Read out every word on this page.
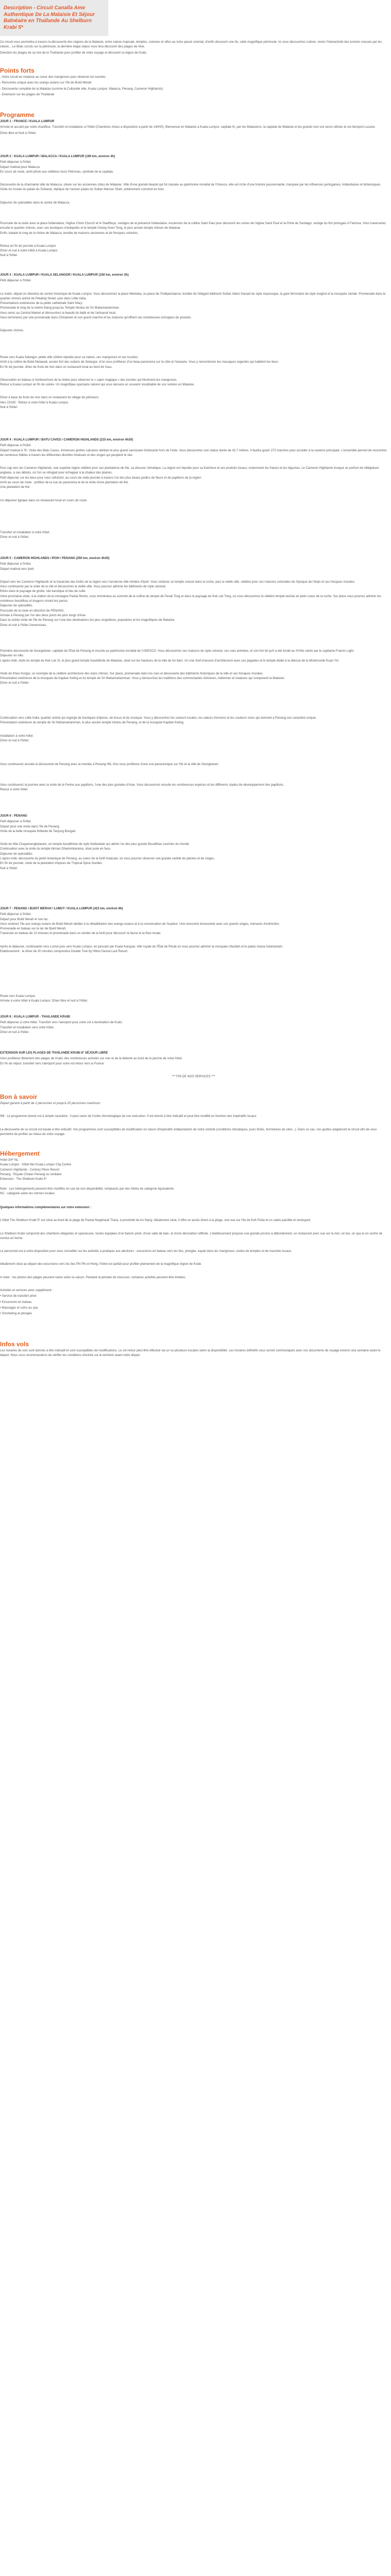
Description - Circuit Canalla Ame Authentique De La Malaisie Et Séjour Balnéaire en Thaïlande Au Shelburn Krabi 5*

Ce circuit vous permettra à travers la découverte des régions de la Malaisie, entre nature tropicale, temples, colonies et villes au riche passé colonial, d'enfin découvrir une île, cette magnifique péninsule. Ici vous découvrirez culture, vivrez l'interactivité des tunnels creusés par les nature... Le Bilan conclu sur la péninsule, la dernière étape séjour vous fera découvrir des plages de rêve.

Direction les plages de sa rive de la Thaïlande pour profiter de votre voyage et découvrir la région de Krabi.

Points forts

- Votre circuit en malaisie au coeur des mangroves pour observer les lucioles.

- Rencontre unique avec les orangs-outans sur l'île de Bukit Merah.

- Découverte complète de la Malaisie (comme la Culturelle ville, Kuala Lumpur, Malacca, Penang, Cameron Highlands)

- Extension sur les plages de Thaïlande

Programme

JOUR 1 : FRANCE / KUALA LUMPUR

Arrivée et accueil par votre chauffeur. Transfert et installation à l'hôtel (Chambres mises à disposition à partir de 14H00). Bienvenue en Malaisie à Kuala Lumpur, capitale Kl, par les Malaisiens, la capitale de Malaisie et les grands mon est seron utilisés le vol Aéroport Lucane.

Dîner libre et Nuit à l'hôtel.

JOUR 2 : KUALA LUMPUR / MALACCA / KUALA LUMPUR (190 km, environ 4h)

Petit déjeuner à l'hôtel.
Départ matinal pour Malacca.
En cours de route, arrêt photo aux célèbres tours Petronas, symbole de la capitale.

Découverte de la charmante ville de Malacca, située sur les anciennes côtes de Malaisie. Ville d'une grande beauté qui fut classée au patrimoine mondial de l'Unesco, elle est riche d'une histoire passionnante, marquée par les influences portugaises, hollandaises et britanniques.
Visite du musée du palais du Sultanat, réplique de l'ancien palais du Sultan Mansur Shah, entièrement construit en bois.

Déjeuner de spécialités dans le centre de Malacca.

Poursuite de la visite avec la place hollandaise, l'église Christ Church et le Stadthuys, vestiges de la présence hollandaise. Ascension de la colline Saint Paul pour découvrir les ruines de l'église Saint Paul et la Porte de Santiago, vestige du fort portugais A Famosa. Vous traverserez ensuite le quartier chinois, avec ses boutiques d'antiquités et le temple Cheng Hoon Teng, le plus ancien temple chinois de Malaisie.
Enfin, balade le long de la rivière de Malacca, bordée de maisons anciennes et de fresques colorées.

Retour en fin de journée à Kuala Lumpur.
Dîner et nuit à votre hôtel à Kuala Lumpur.
Nuit à l'hôtel.

JOUR 3 : KUALA LUMPUR / KUALA SELANGOR / KUALA LUMPUR (150 km, environ 3h)

Petit déjeuner à l'hôtel.

Le matin, départ en direction du centre historique de Kuala Lumpur. Vous découvrirez la place Merdeka, ou place de l'Indépendance, bordée de l'élégant bâtiment Sultan Abdul Samad de style mauresque, la gare ferroviaire de style moghol et la mosquée Jamek. Promenade dans le quartier chinois animé de Petaling Street, puis dans Little India.
Présentations extérieures de la petite cathédrale Saint Mary.
Promenade le long de la rivière Klang jusqu'au Temple hindou de Sri Mahamariamman.
Vous serez au Central Market et découvrirez la beauté du batik et de l'artisanat local.
Vous terminerez par une promenade dans Chinatown et son grand marché et les maisons qu'offrent ses nombreuses échoppes de produits.

Déjeuner chinois.

Route vers Kuala Selangor, petite ville côtière réputée pour sa nature, ses mangroves et ses lucioles.
Arrêt à la colline de Bukit Melawati, ancien fort des sultans de Selangor, d'où vous profiterez d'un beau panorama sur la côte et l'estuaire. Vous y rencontrerez les macaques argentés qui habitent les lieux.
En fin de journée, dîner de fruits de mer dans un restaurant local au bord de l'eau.

Observation en bateau à l'embouchure de la rivière pour observer le « sapin magique » des lucioles qui illuminent les mangroves.
Retour à Kuala Lumpur en fin de soirée. Un magnifique spectacle naturel qui vous laissera un souvenir inoubliable de vos soirées en Malaisie.

Dîner à base de fruits de mer dans un restaurant du village de pêcheurs.
Vers 21h30 : Retour à votre hôtel à Kuala Lumpur.
Nuit à l'hôtel.

JOUR 4 : KUALA LUMPUR / BATU CAVES / CAMERON HIGHLANDS (215 km, environ 4h30)

Petit déjeuner à l'hôtel.
Départ matinal à 7h. Visite des Batu Caves, immenses grottes calcaires abritant le plus grand sanctuaire hindouiste hors de l'Inde. Vous découvrirez une statue dorée de 42,7 mètres. Il faudra gravir 272 marches pour accéder à la caverne principale. L'ensemble permet de rencontrer de nombreux fidèles à travers les différentes divinités hindoues et des singes qui peuplent le site.

Puis cap vers les Cameron Highlands, une superbe région célèbre pour ses plantations de thé, sa douceur climatique. La région est réputée pour sa fraîcheur et ses produits locaux, notamment les fraises et les légumes. Le Cameron Highlands évoque un parfum de villégiature anglaise, à ses débuts, où l'on se réfugiait pour échapper à la chaleur des plaines.
Petit déjeuner sur les lieux pour vous rafraîchir, au cours de cette journée à travers l'un des plus beaux jardins de fleurs et de papillons de la région.
Arrêt au cours de route : profitez de la vue du panorama et de la visite d'une plantation de thé.
Une plantation de thé.

Un déjeuner typique dans un restaurant local en cours de route.

Transfert et installation à votre hôtel.
Dîner et nuit à l'hôtel.

JOUR 5 : CAMERON HIGHLANDS / IPOH / PENANG (250 km, environ 4h30)

Petit déjeuner à l'hôtel.
Départ matinal vers Ipoh.

Départ vers les Cameron Highlands et la traversée des forêts de la région vers l'ancienne ville minière d'Ipoh. Vous visiterez un temple creusé dans la roche, puis la vieille ville, célèbre pour ses maisons coloniales de l'époque de l'étain et ses fresques murales.
Vous continuerez par la visite de la cité et découvrirez la vieille ville. Vous pourrez admirer les bâtiments de style colonial.
Etirés dans le paysage de grotte, site karstique et lieu de culte.
Votre prochaine visite, à la station de la montagne Pantai Remis, vous emmènera au sommet de la colline du temple de Perak Tong et dans le paysage de Kek Lok Tong, où vous découvrirez le célèbre temple taoïste en plein coeur de la roche. Sur place vous pourrez admirer les nombreux bouddhas et dragons ornant les parois.
Déjeuner de spécialités.
Poursuite de la route en direction de PENANG.
Arrivée à Penang par l'un des deux ponts les plus longs d'Asie.
Dans la soirée visite de l'île de Penang sur l'une des destinations les plus singulières, populaires et les magnifiques de Malaisie.
Dîner et nuit à l'hôtel Jouvenceau.

Première découverte de Georgetown, capitale de l'Etat de Penang et inscrite au patrimoine mondial de l'UNESCO. Vous découvrirez ses maisons de style colonial, ses rues animées, et son fort tel qu'il a été fondé au XVIIIe siècle par le capitaine Francis Light.
Déjeuner en ville.
L'après-midi, visite du temple de Kek Lok Si, le plus grand temple bouddhiste de Malaisie, situé sur les hauteurs de la ville de Air Itam. Un vrai chef-d'oeuvre d'architecture avec ses pagodes et le temple dédié à la déesse de la Miséricorde Kuan Yin.

Visite de Khoo Kongsi, un exemple de la célèbre architecture des clans chinois. Sur place, promenade dans les rues et découverte des bâtiments historiques de la ville et ses fresques murales.
Présentation extérieure de la mosquée de Kapitan Keling et du temple de Sri Mahamariamman. Vous y découvrirez les traditions des communautés chinoises, indiennes et malaises qui composent la Malaisie.
Dîner et nuit à l'hôtel.

Continuation vers Little India, quartier animé qui regorge de boutiques d'épices, de tissus et de musique. Vous y découvrirez les saveurs locales, les odeurs d'encens et les couleurs vives qui donnent à Penang son caractère unique.
Présentation extérieure du temple de Sri Mahamariamman, le plus ancien temple hindou de Penang, et de la mosquée Kapitan Keling.

Installation à votre hôtel.
Dîner et nuit à l'hôtel.

Vous continuerez ensuite la découverte de Penang avec la montée à Penang Hill, d'où vous profiterez d'une vue panoramique sur l'île et la ville de Georgetown.

Vous continuerez la journée avec la visite de la Ferme aux papillons, l'une des plus grandes d'Asie. Vous découvrirez ensuite les nombreuses espèces et les différents stades de développement des papillons.
Retour à votre hôtel.

JOUR 6 : PENANG

Petit déjeuner à l'hôtel.
Départ pour une visite dans l'île de Penang.
Visite de la belle mosquée flottante de Tanjung Bungah.

Visite de Wat Chayamangkalaram, un temple bouddhiste de style thaïlandais qui abrite l'un des plus grands Bouddhas couchés du monde.
Continuation avec la visite du temple birman Dhammikarama, situé juste en face.
Déjeuner de spécialités.
L'après-midi, découverte du jardin botanique de Penang, au coeur de la forêt tropicale, où vous pourrez observer une grande variété de plantes et de singes.
En fin de journée, visite de la plantation d'épices de Tropical Spice Garden.
Nuit à l'hôtel.

JOUR 7 : PENANG / BUKIT MERAH / LUMUT / KUALA LUMPUR (415 km, environ 6h)

Petit déjeuner à l'hôtel.
Départ pour Bukit Merah et son lac.
Vous visiterez l'île aux orangs-outans de Bukit Merah dédiée à la réhabilitation des orangs-outans et à la conservation de l'espèce. Une rencontre émouvante avec ces grands singes, menacés d'extinction.
Promenade en bateau sur le lac de Bukit Merah.
Traversée en bateau de 10 minutes et promenade dans un sentier de la forêt pour découvrir la faune et la flore locale.

Après le déjeuner, continuation vers Lumut puis vers Kuala Lumpur, en passant par Kuala Kangsar, ville royale de l'État de Perak où vous pourrez admirer la mosquée Ubudiah et le palais Istana Iskandariah.
Etablissement : le dîner de 20 minutes comprendra Double Tree by Hilton Damai Laut Resort.

Route vers Kuala Lumpur.
Arrivée à votre hôtel à Kuala Lumpur. Dîner libre et nuit à l'hôtel.

JOUR 8 : KUALA LUMPUR - THAILANDE KRABI

Petit déjeuner à votre hôtel. Transfert vers l'aéroport pour votre vol à destination de Krabi.
Transfert et installation vers votre hôtel.
Dîner et nuit à l'hôtel.

EXTENSION SUR LES PLAGES DE THAÏLANDE KRABI 8° SÉJOUR LIBRE

Vous profiterez librement des plages de Krabi, des nombreuses activités sur mer et de la détente au bord de la piscine de votre hôtel.
En fin de séjour, transfert vers l'aéroport pour votre vol retour vers la France.

*** FIN DE NOS SERVICES ***

Bon à savoir

Départ garanti à partir de 2 personnes et jusqu'à 20 personnes maximum.

NB : Le programme donné est à simple caractère : il peut varier de l'ordre chronologique de son exécution. Il est donné à titre indicatif et peut être modifié en fonction des impératifs locaux.

La découverte de ce circuit est basée à titre indicatif. Vos programmes sont susceptibles de modification en raison d'impératifs indépendants de notre volonté (conditions climatiques, jours fériés, fermetures de sites...). Dans ce cas, nos guides adapteront le circuit afin de vous permettre de profiter au mieux de votre voyage.

Hébergement
Hotel 3/4* NL :
Kuala Lumpur : Hôtel Ibis Kuala Lumpur City Centre
Cameron Highlands : Century Pines Resort
Penang : Royale Chulan Penang ou similaire
Extension : The Shelburn Krabi 5*

Note : Les hébergements peuvent être modifiés en cas de non-disponibilité, remplacés par des hôtels de catégorie équivalente.
NC : catégorie selon les normes locales

Quelques informations complémentaires sur votre extension :

L'hôtel The Shelburn Krabi 5* est situé au bord de la plage de Pantai Noppharat Thara, à proximité de Ao Nang. Idéalement situé, il offre un accès direct à la plage, une vue sur l'île de Koh Poda et un cadre paisible et verdoyant.

Le Shelburn Krabi comprend des chambres élégantes et spacieuses, toutes équipées d'un balcon privé, d'une salle de bain, et d'une décoration raffinée. L'établissement propose une grande piscine à débordement, un restaurant avec vue sur la mer, un bar, un spa et un centre de remise en forme.

Le personnel est à votre disposition pour vous conseiller sur les activités à pratiquer aux alentours : excursions en bateau vers les îles, plongée, kayak dans les mangroves, visites de temples et de marchés locaux.

Idéalement situé au départ des excursions vers les îles Phi Phi et Hong, l'hôtel est parfait pour profiter pleinement de la magnifique région de Krabi.

A noter : les photos des plages peuvent varier selon la saison. Pendant la période de mousson, certaines activités peuvent être limitées.

Activités et services avec supplément :

• Service de transfert privé

• Excursions en bateau

• Massages et soins au spa

• Snorkeling et plongée

Infos vols
Les horaires de vols sont donnés à titre indicatif et sont susceptibles de modifications. Le vol retour peut être effectué via un ou plusieurs escales selon la disponibilité. Les horaires définitifs vous seront communiqués avec vos documents de voyage environ une semaine avant le départ. Nous vous recommandons de vérifier les conditions d'entrée sur le territoire avant votre départ.
